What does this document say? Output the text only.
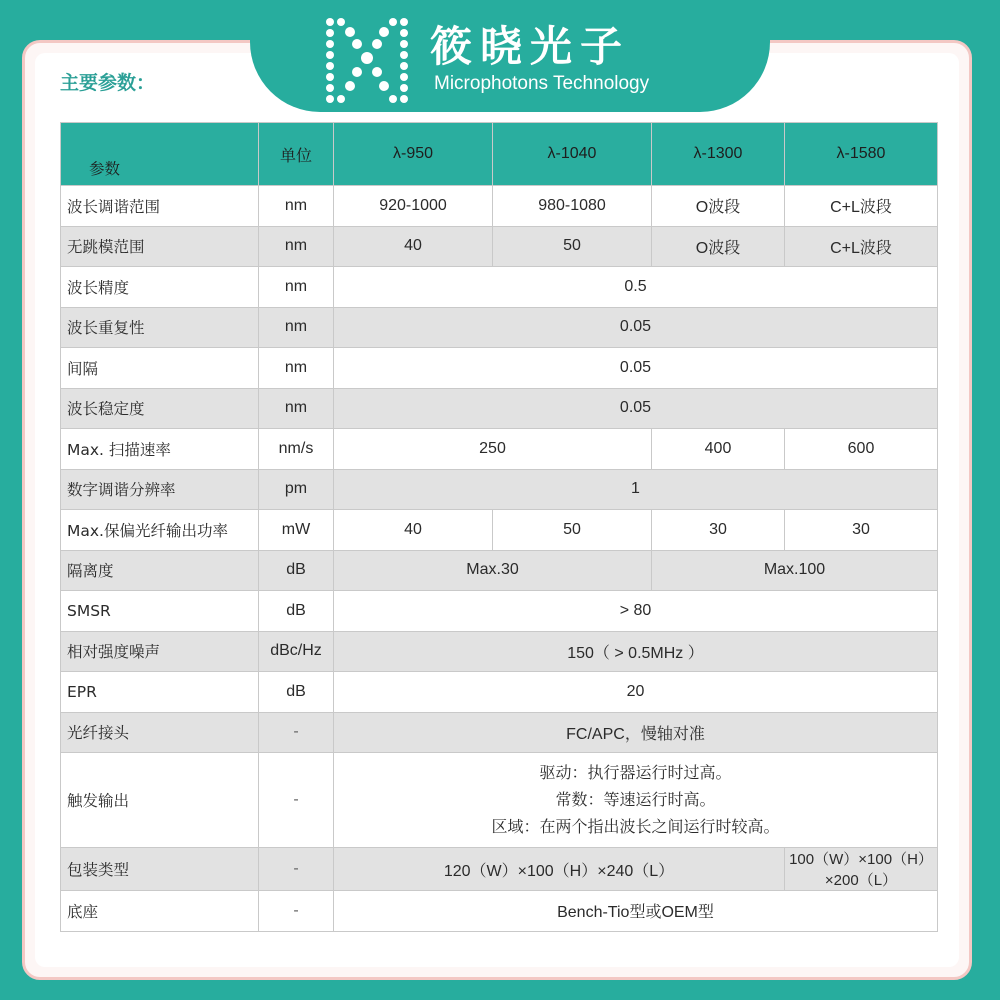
筱晓光子
Microphotons Technology
主要参数：
参数	单位	λ-950	λ-1040	λ-1300	λ-1580
波长调谐范围	nm	920-1000	980-1080	O波段	C+L波段
无跳模范围	nm	40	50	O波段	C+L波段
波长精度	nm	0.5			
波长重复性	nm	0.05			
间隔	nm	0.05			
波长稳定度	nm	0.05			
Max. 扫描速率	nm/s	250		400	600
数字调谐分辨率	pm	1			
Max.保偏光纤输出功率	mW	40	50	30	30
隔离度	dB	Max.30		Max.100	
SMSR	dB	> 80			
相对强度噪声	dBc/Hz	150（ > 0.5MHz ）			
EPR	dB	20			
光纤接头	-	FC/APC，慢轴对准			
触发输出	-	驱动：执行器运行时过高。
常数：等速运行时高。
区域：在两个指出波长之间运行时较高。			

包装类型	-	120（W）×100（H）×240（L）			100（W）×100（H）×200（L）
底座	-	Bench-Tio型或OEM型			
